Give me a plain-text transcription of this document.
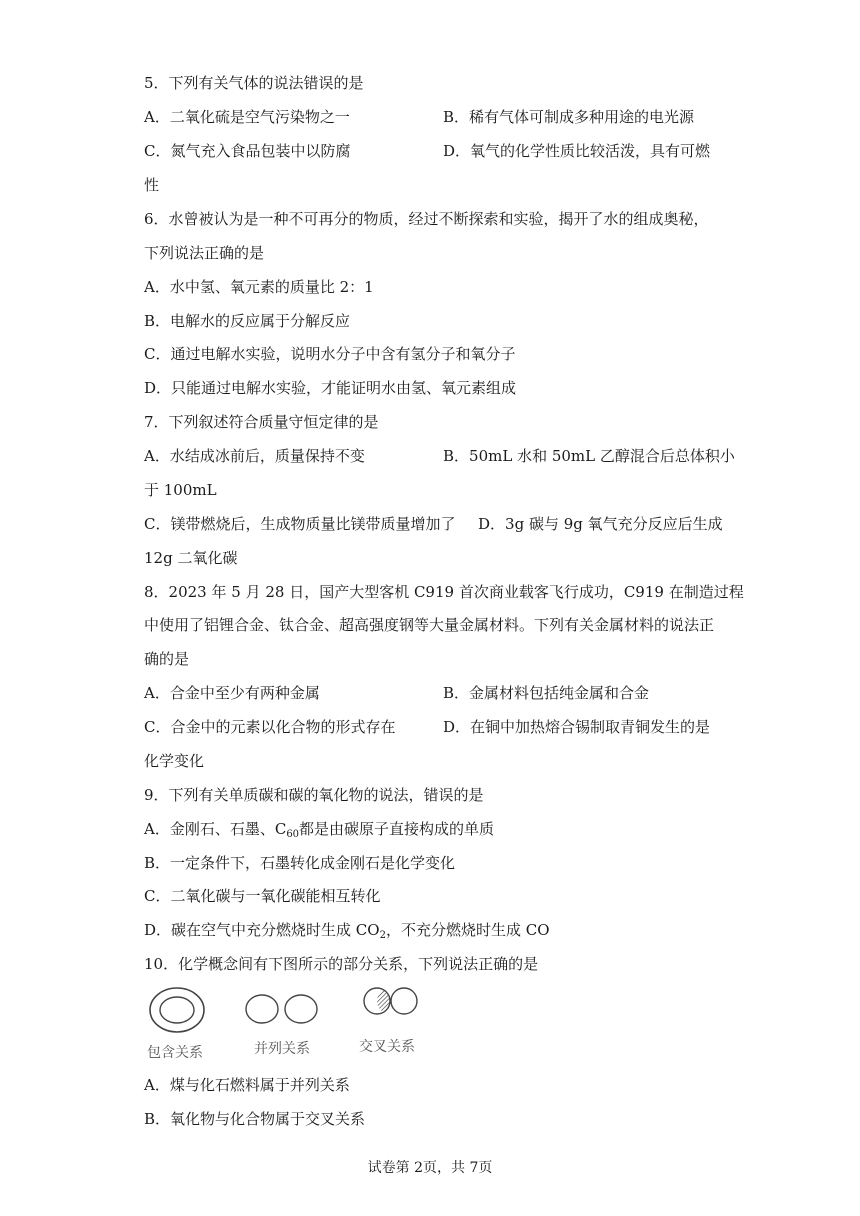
5．下列有关气体的说法错误的是
A．二氧化硫是空气污染物之一	B．稀有气体可制成多种用途的电光源
C．氮气充入食品包装中以防腐	D．氧气的化学性质比较活泼，具有可燃
性
6．水曾被认为是一种不可再分的物质，经过不断探索和实验，揭开了水的组成奥秘，
下列说法正确的是
A．水中氢、氧元素的质量比 2：1
B．电解水的反应属于分解反应
C．通过电解水实验，说明水分子中含有氢分子和氧分子
D．只能通过电解水实验，才能证明水由氢、氧元素组成
7．下列叙述符合质量守恒定律的是
A．水结成冰前后，质量保持不变	B．50mL 水和 50mL 乙醇混合后总体积小
于 100mL
C．镁带燃烧后，生成物质量比镁带质量增加了 D．3g 碳与 9g 氧气充分反应后生成
12g 二氧化碳
8．2023 年 5 月 28 日，国产大型客机 C919 首次商业载客飞行成功，C919 在制造过程
中使用了铝锂合金、钛合金、超高强度钢等大量金属材料。下列有关金属材料的说法正
确的是
A．合金中至少有两种金属	B．金属材料包括纯金属和合金
C．合金中的元素以化合物的形式存在	D．在铜中加热熔合锡制取青铜发生的是
化学变化
9．下列有关单质碳和碳的氧化物的说法，错误的是
A．金刚石、石墨、$C_{60}$都是由碳原子直接构成的单质
B．一定条件下，石墨转化成金刚石是化学变化
C．二氧化碳与一氧化碳能相互转化
D．碳在空气中充分燃烧时生成 $CO_2$，不充分燃烧时生成 CO
10．化学概念间有下图所示的部分关系，下列说法正确的是
包含关系	并列关系	交叉关系
A．煤与化石燃料属于并列关系
B．氧化物与化合物属于交叉关系
试卷第 2页，共 7页
